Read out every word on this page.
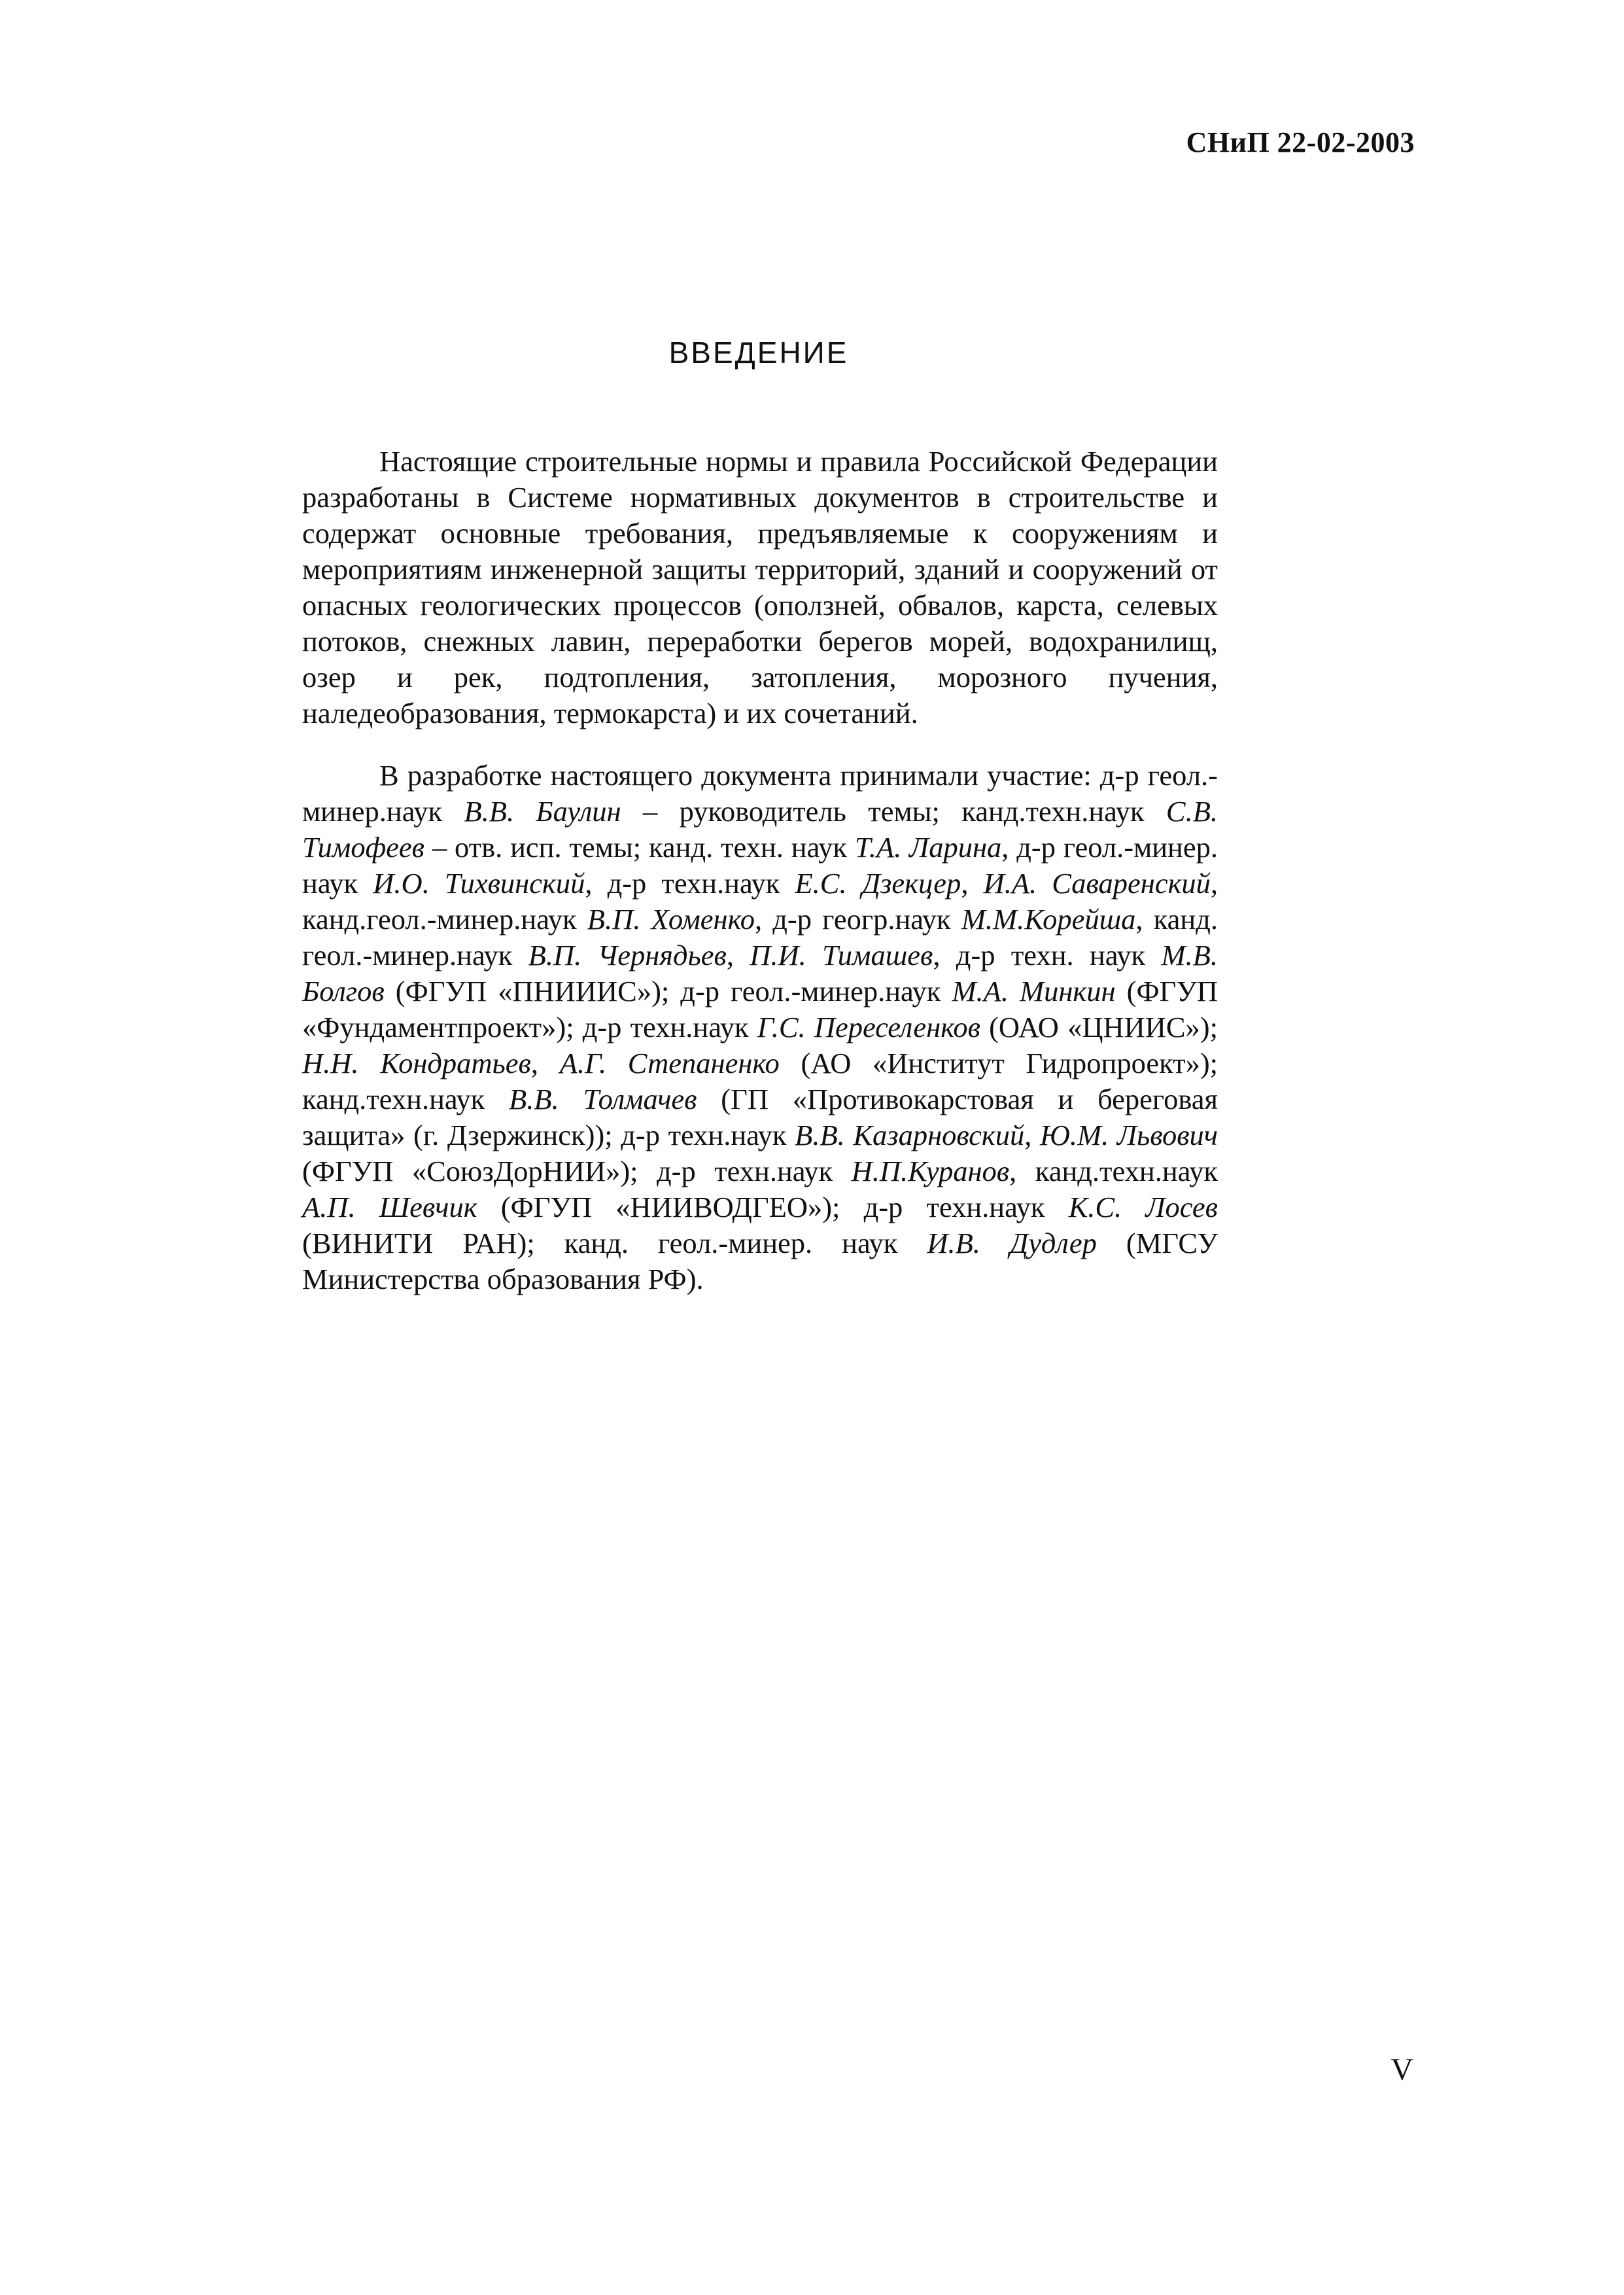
СНиП 22-02-2003
ВВЕДЕНИЕ

Настоящие строительные нормы и правила Российской Федерации разработаны в Системе нормативных документов в строительстве и содержат основные требования, предъявляемые к сооружениям и мероприятиям инженерной защиты территорий, зданий и сооружений от опасных геологических процессов (оползней, обвалов, карста, селевых потоков, снежных лавин, переработки берегов морей, водохранилищ, озер и рек, подтопления, затопления, морозного пучения, наледеобразования, термокарста) и их сочетаний.

В разработке настоящего документа принимали участие: д-р геол.-минер.наук В.В. Баулин – руководитель темы; канд.техн.наук С.В. Тимофеев – отв. исп. темы; канд. техн. наук Т.А. Ларина, д-р геол.-минер. наук И.О. Тихвинский, д-р техн.наук Е.С. Дзекцер, И.А. Саваренский, канд.геол.-минер.наук В.П. Хоменко, д-р геогр.наук М.М.Корейша, канд. геол.-минер.наук В.П. Чернядьев, П.И. Тимашев, д-р техн. наук М.В. Болгов (ФГУП «ПНИИИС»); д-р геол.-минер.наук М.А. Минкин (ФГУП «Фундаментпроект»); д-р техн.наук Г.С. Переселенков (ОАО «ЦНИИС»); Н.Н. Кондратьев, А.Г. Степаненко (АО «Институт Гидропроект»); канд.техн.наук В.В. Толмачев (ГП «Противокарстовая и береговая защита» (г. Дзержинск)); д-р техн.наук В.В. Казарновский, Ю.М. Львович (ФГУП «СоюзДорНИИ»); д-р техн.наук Н.П.Куранов, канд.техн.наук А.П. Шевчик (ФГУП «НИИВОДГЕО»); д-р техн.наук К.С. Лосев (ВИНИТИ РАН); канд. геол.-минер. наук И.В. Дудлер (МГСУ Министерства образования РФ).

V
